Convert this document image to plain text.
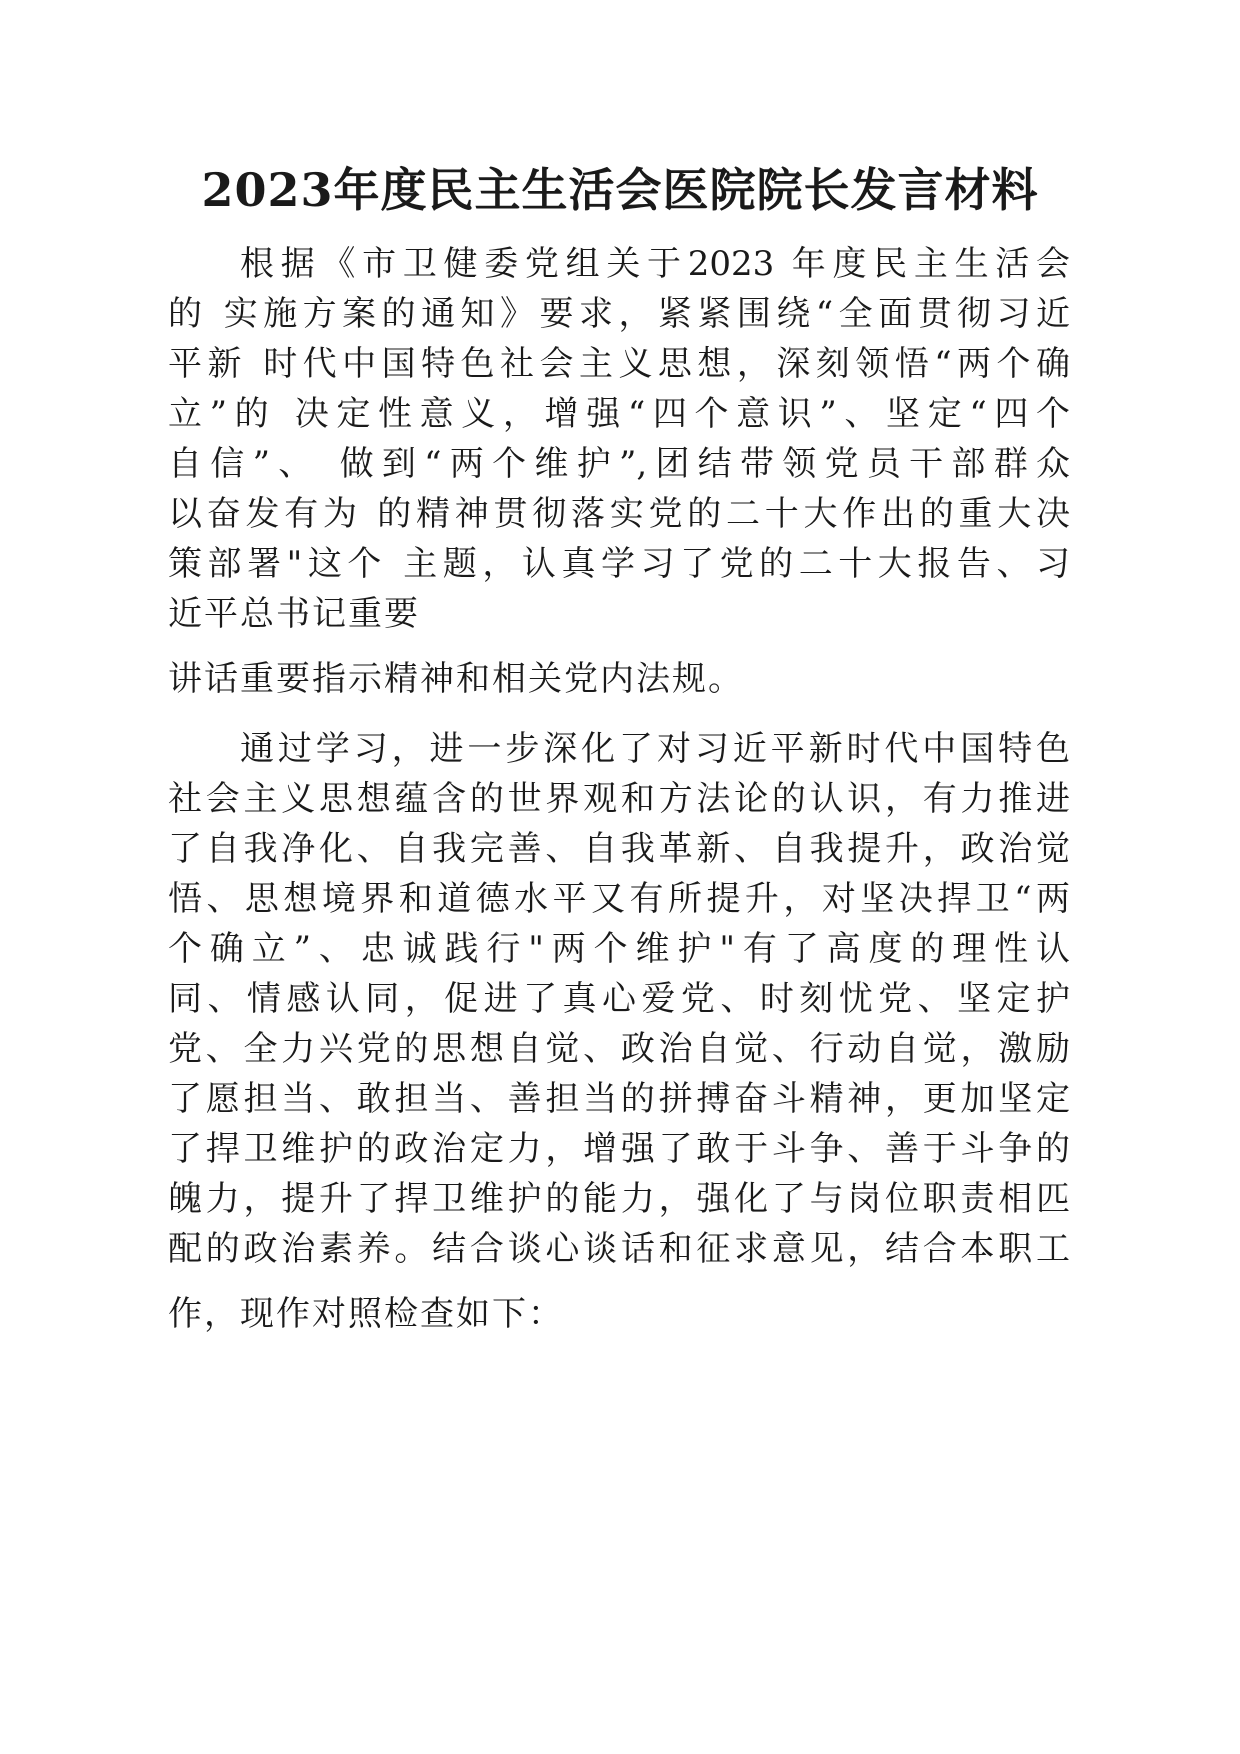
2023年度民主生活会医院院长发言材料
根据《市卫健委党组关于2023 年度民主生活会
的 实施方案的通知》要求，紧紧围绕“全面贯彻习近
平新 时代中国特色社会主义思想，深刻领悟“两个确
立”的 决定性意义，增强“四个意识”、坚定“四个
自信”、 做到“两个维护”,团结带领党员干部群众
以奋发有为 的精神贯彻落实党的二十大作出的重大决
策部署"这个 主题，认真学习了党的二十大报告、习
近平总书记重要
讲话重要指示精神和相关党内法规。
通过学习，进一步深化了对习近平新时代中国特色
社会主义思想蕴含的世界观和方法论的认识，有力推进
了自我净化、自我完善、自我革新、自我提升，政治觉
悟、思想境界和道德水平又有所提升，对坚决捍卫“两
个确立”、忠诚践行"两个维护"有了高度的理性认
同、情感认同，促进了真心爱党、时刻忧党、坚定护
党、全力兴党的思想自觉、政治自觉、行动自觉，激励
了愿担当、敢担当、善担当的拼搏奋斗精神，更加坚定
了捍卫维护的政治定力，增强了敢于斗争、善于斗争的
魄力，提升了捍卫维护的能力，强化了与岗位职责相匹
配的政治素养。结合谈心谈话和征求意见，结合本职工
作，现作对照检查如下：
